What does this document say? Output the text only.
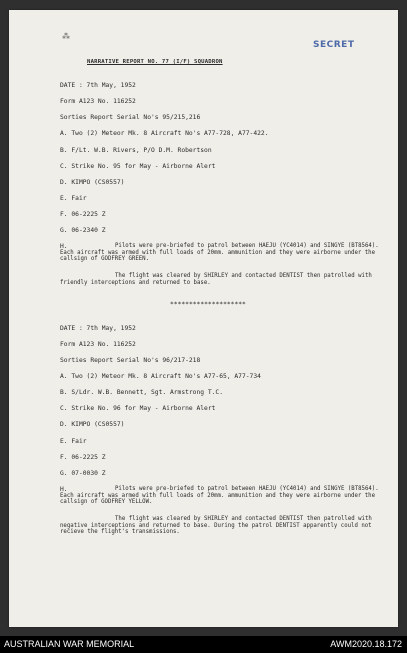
⁂
SECRET
NARRATIVE REPORT NO. 77 (I/F) SQUADRON
DATE : 7th May, 1952
Form A123 No. 116252
Sorties Report Serial No's 95/215,216
A. Two (2) Meteor Mk. 8 Aircraft No's A77-728, A77-422.
B. F/Lt. W.B. Rivers, P/O D.M. Robertson
C. Strike No. 95 for May - Airborne Alert
D. KIMPO (CS0557)
E. Fair
F. 06-2225 Z
G. 06-2340 Z
H.	Pilots were pre-briefed to patrol between HAEJU (YC4014) and SINGYE (BT8564). Each aircraft was armed with full loads of 20mm. ammunition and they were airborne under the callsign of GODFREY GREEN.
The flight was cleared by SHIRLEY and contacted DENTIST then patrolled with friendly interceptions and returned to base.
********************
DATE : 7th May, 1952
Form A123 No. 116252
Sorties Report Serial No's 96/217-218
A. Two (2) Meteor Mk. 8 Aircraft No's A77-65, A77-734
B. S/Ldr. W.B. Bennett, Sgt. Armstrong T.C.
C. Strike No. 96 for May - Airborne Alert
D. KIMPO (CS0557)
E. Fair
F. 06-2225 Z
G. 07-0030 Z
H.	Pilots were pre-briefed to patrol between HAEJU (YC4014) and SINGYE (BT8564). Each aircraft was armed with full loads of 20mm. ammunition and they were airborne under the callsign of GODFREY YELLOW.
The flight was cleared by SHIRLEY and contacted DENTIST then patrolled with negative interceptions and returned to base. During the patrol DENTIST apparently could not recieve the flight's transmissions.
AUSTRALIAN WAR MEMORIAL	AWM2020.18.172
